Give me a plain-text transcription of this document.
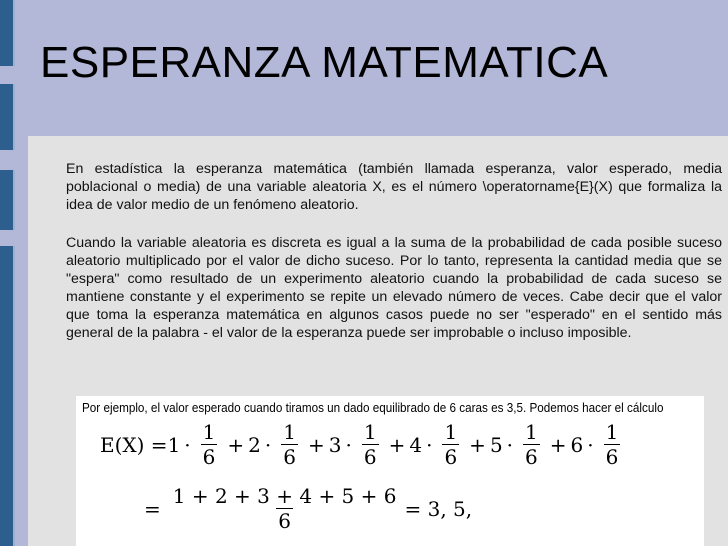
ESPERANZA MATEMATICA

En estadística la esperanza matemática (también llamada esperanza, valor esperado, media poblacional o media) de una variable aleatoria X, es el número \operatorname{E}(X) que formaliza la idea de valor medio de un fenómeno aleatorio.

Cuando la variable aleatoria es discreta es igual a la suma de la probabilidad de cada posible suceso aleatorio multiplicado por el valor de dicho suceso. Por lo tanto, representa la cantidad media que se "espera" como resultado de un experimento aleatorio cuando la probabilidad de cada suceso se mantiene constante y el experimento se repite un elevado número de veces. Cabe decir que el valor que toma la esperanza matemática en algunos casos puede no ser "esperado" en el sentido más general de la palabra - el valor de la esperanza puede ser improbable o incluso imposible.

Por ejemplo, el valor esperado cuando tiramos un dado equilibrado de 6 caras es 3,5. Podemos hacer el cálculo

$E(X) = 1 \cdot \frac{1}{6} + 2 \cdot \frac{1}{6} + 3 \cdot \frac{1}{6} + 4 \cdot \frac{1}{6} + 5 \cdot \frac{1}{6} + 6 \cdot \frac{1}{6}$
= $\frac{1 + 2 + 3 + 4 + 5 + 6}{6} = 3$, 5,
